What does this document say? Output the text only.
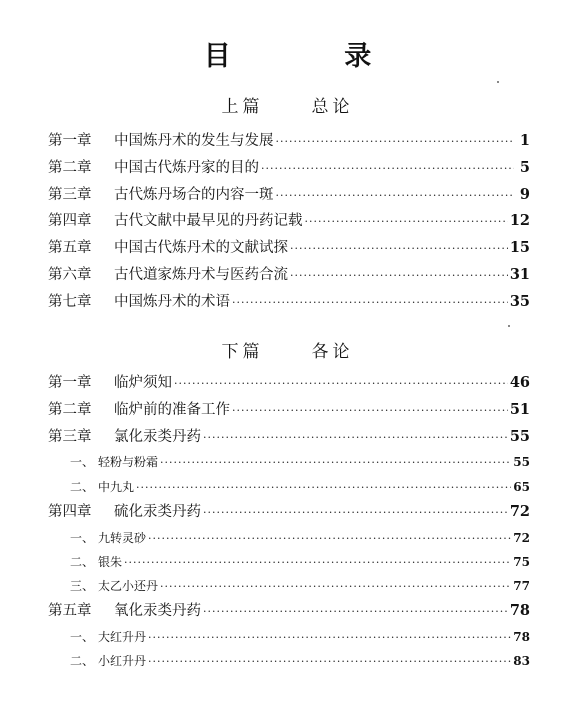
目 录
上篇	总论
第一章	中国炼丹术的发生与发展 ·····	1
第二章	中国古代炼丹家的目的 ·····	5
第三章	古代炼丹场合的内容一斑 ·····	9
第四章	古代文献中最早见的丹药记载 ·····	12
第五章	中国古代炼丹术的文献试探 ·····	15
第六章	古代道家炼丹术与医药合流 ·····	31
第七章	中国炼丹术的术语 ·····	35
下篇	各论
第一章	临炉须知 ·····	46
第二章	临炉前的准备工作 ·····	51
第三章	氯化汞类丹药 ·····	55
一、 轻粉与粉霜 ·····	55
二、 中九丸 ·····	65
第四章	硫化汞类丹药 ·····	72
一、 九转灵砂 ·····	72
二、 银朱 ·····	75
三、 太乙小还丹 ·····	77
第五章	氧化汞类丹药 ·····	78
一、 大红升丹 ·····	78
二、 小红升丹 ·····	83
